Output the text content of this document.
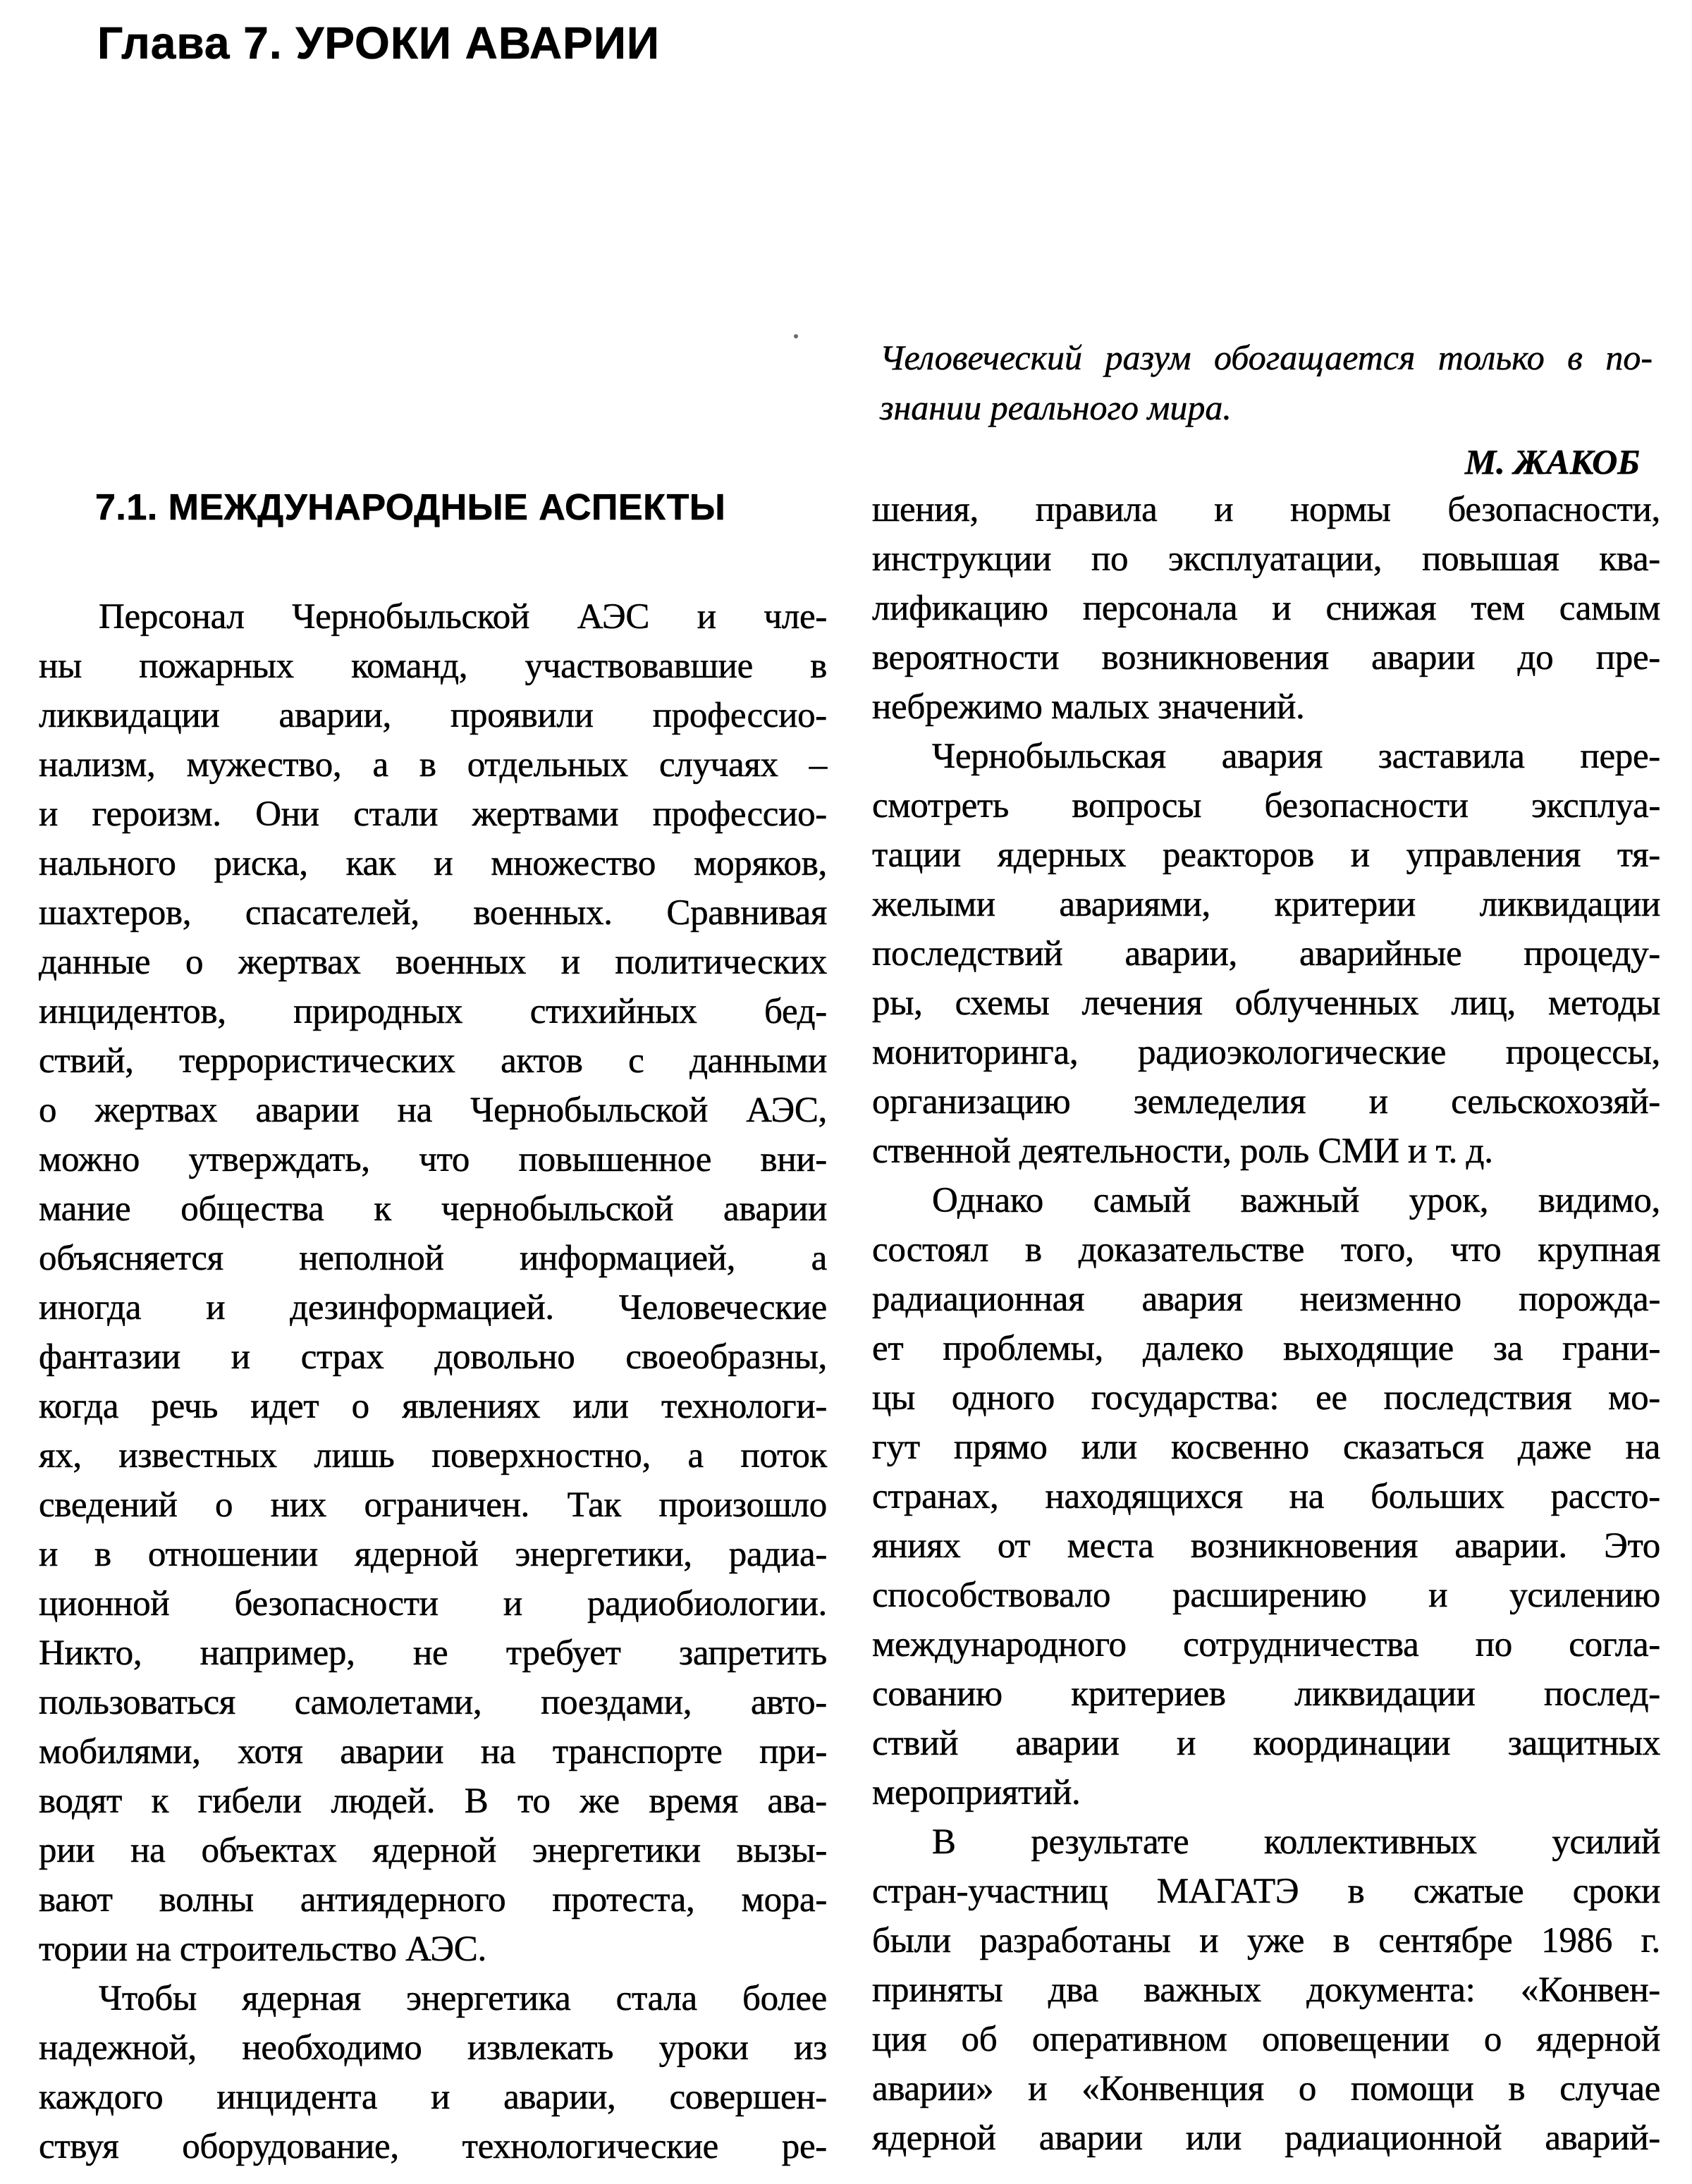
Глава 7. УРОКИ АВАРИИ
Человеческий разум обогащается только в по-
знании реального мира.
М. ЖАКОБ
7.1. МЕЖДУНАРОДНЫЕ АСПЕКТЫ
Персонал Чернобыльской АЭС и чле-
ны пожарных команд, участвовавшие в
ликвидации аварии, проявили профессио-
нализм, мужество, а в отдельных случаях –
и героизм. Они стали жертвами профессио-
нального риска, как и множество моряков,
шахтеров, спасателей, военных. Сравнивая
данные о жертвах военных и политических
инцидентов, природных стихийных бед-
ствий, террористических актов с данными
о жертвах аварии на Чернобыльской АЭС,
можно утверждать, что повышенное вни-
мание общества к чернобыльской аварии
объясняется неполной информацией, а
иногда и дезинформацией. Человеческие
фантазии и страх довольно своеобразны,
когда речь идет о явлениях или технологи-
ях, известных лишь поверхностно, а поток
сведений о них ограничен. Так произошло
и в отношении ядерной энергетики, радиа-
ционной безопасности и радиобиологии.
Никто, например, не требует запретить
пользоваться самолетами, поездами, авто-
мобилями, хотя аварии на транспорте при-
водят к гибели людей. В то же время ава-
рии на объектах ядерной энергетики вызы-
вают волны антиядерного протеста, мора-
тории на строительство АЭС.
Чтобы ядерная энергетика стала более
надежной, необходимо извлекать уроки из
каждого инцидента и аварии, совершен-
ствуя оборудование, технологические ре-
шения, правила и нормы безопасности,
инструкции по эксплуатации, повышая ква-
лификацию персонала и снижая тем самым
вероятности возникновения аварии до пре-
небрежимо малых значений.
Чернобыльская авария заставила пере-
смотреть вопросы безопасности эксплуа-
тации ядерных реакторов и управления тя-
желыми авариями, критерии ликвидации
последствий аварии, аварийные процеду-
ры, схемы лечения облученных лиц, методы
мониторинга, радиоэкологические процессы,
организацию земледелия и сельскохозяй-
ственной деятельности, роль СМИ и т. д.
Однако самый важный урок, видимо,
состоял в доказательстве того, что крупная
радиационная авария неизменно порожда-
ет проблемы, далеко выходящие за грани-
цы одного государства: ее последствия мо-
гут прямо или косвенно сказаться даже на
странах, находящихся на больших рассто-
яниях от места возникновения аварии. Это
способствовало расширению и усилению
международного сотрудничества по согла-
сованию критериев ликвидации послед-
ствий аварии и координации защитных
мероприятий.
В результате коллективных усилий
стран-участниц МАГАТЭ в сжатые сроки
были разработаны и уже в сентябре 1986 г.
приняты два важных документа: «Конвен-
ция об оперативном оповещении о ядерной
аварии» и «Конвенция о помощи в случае
ядерной аварии или радиационной аварий-
